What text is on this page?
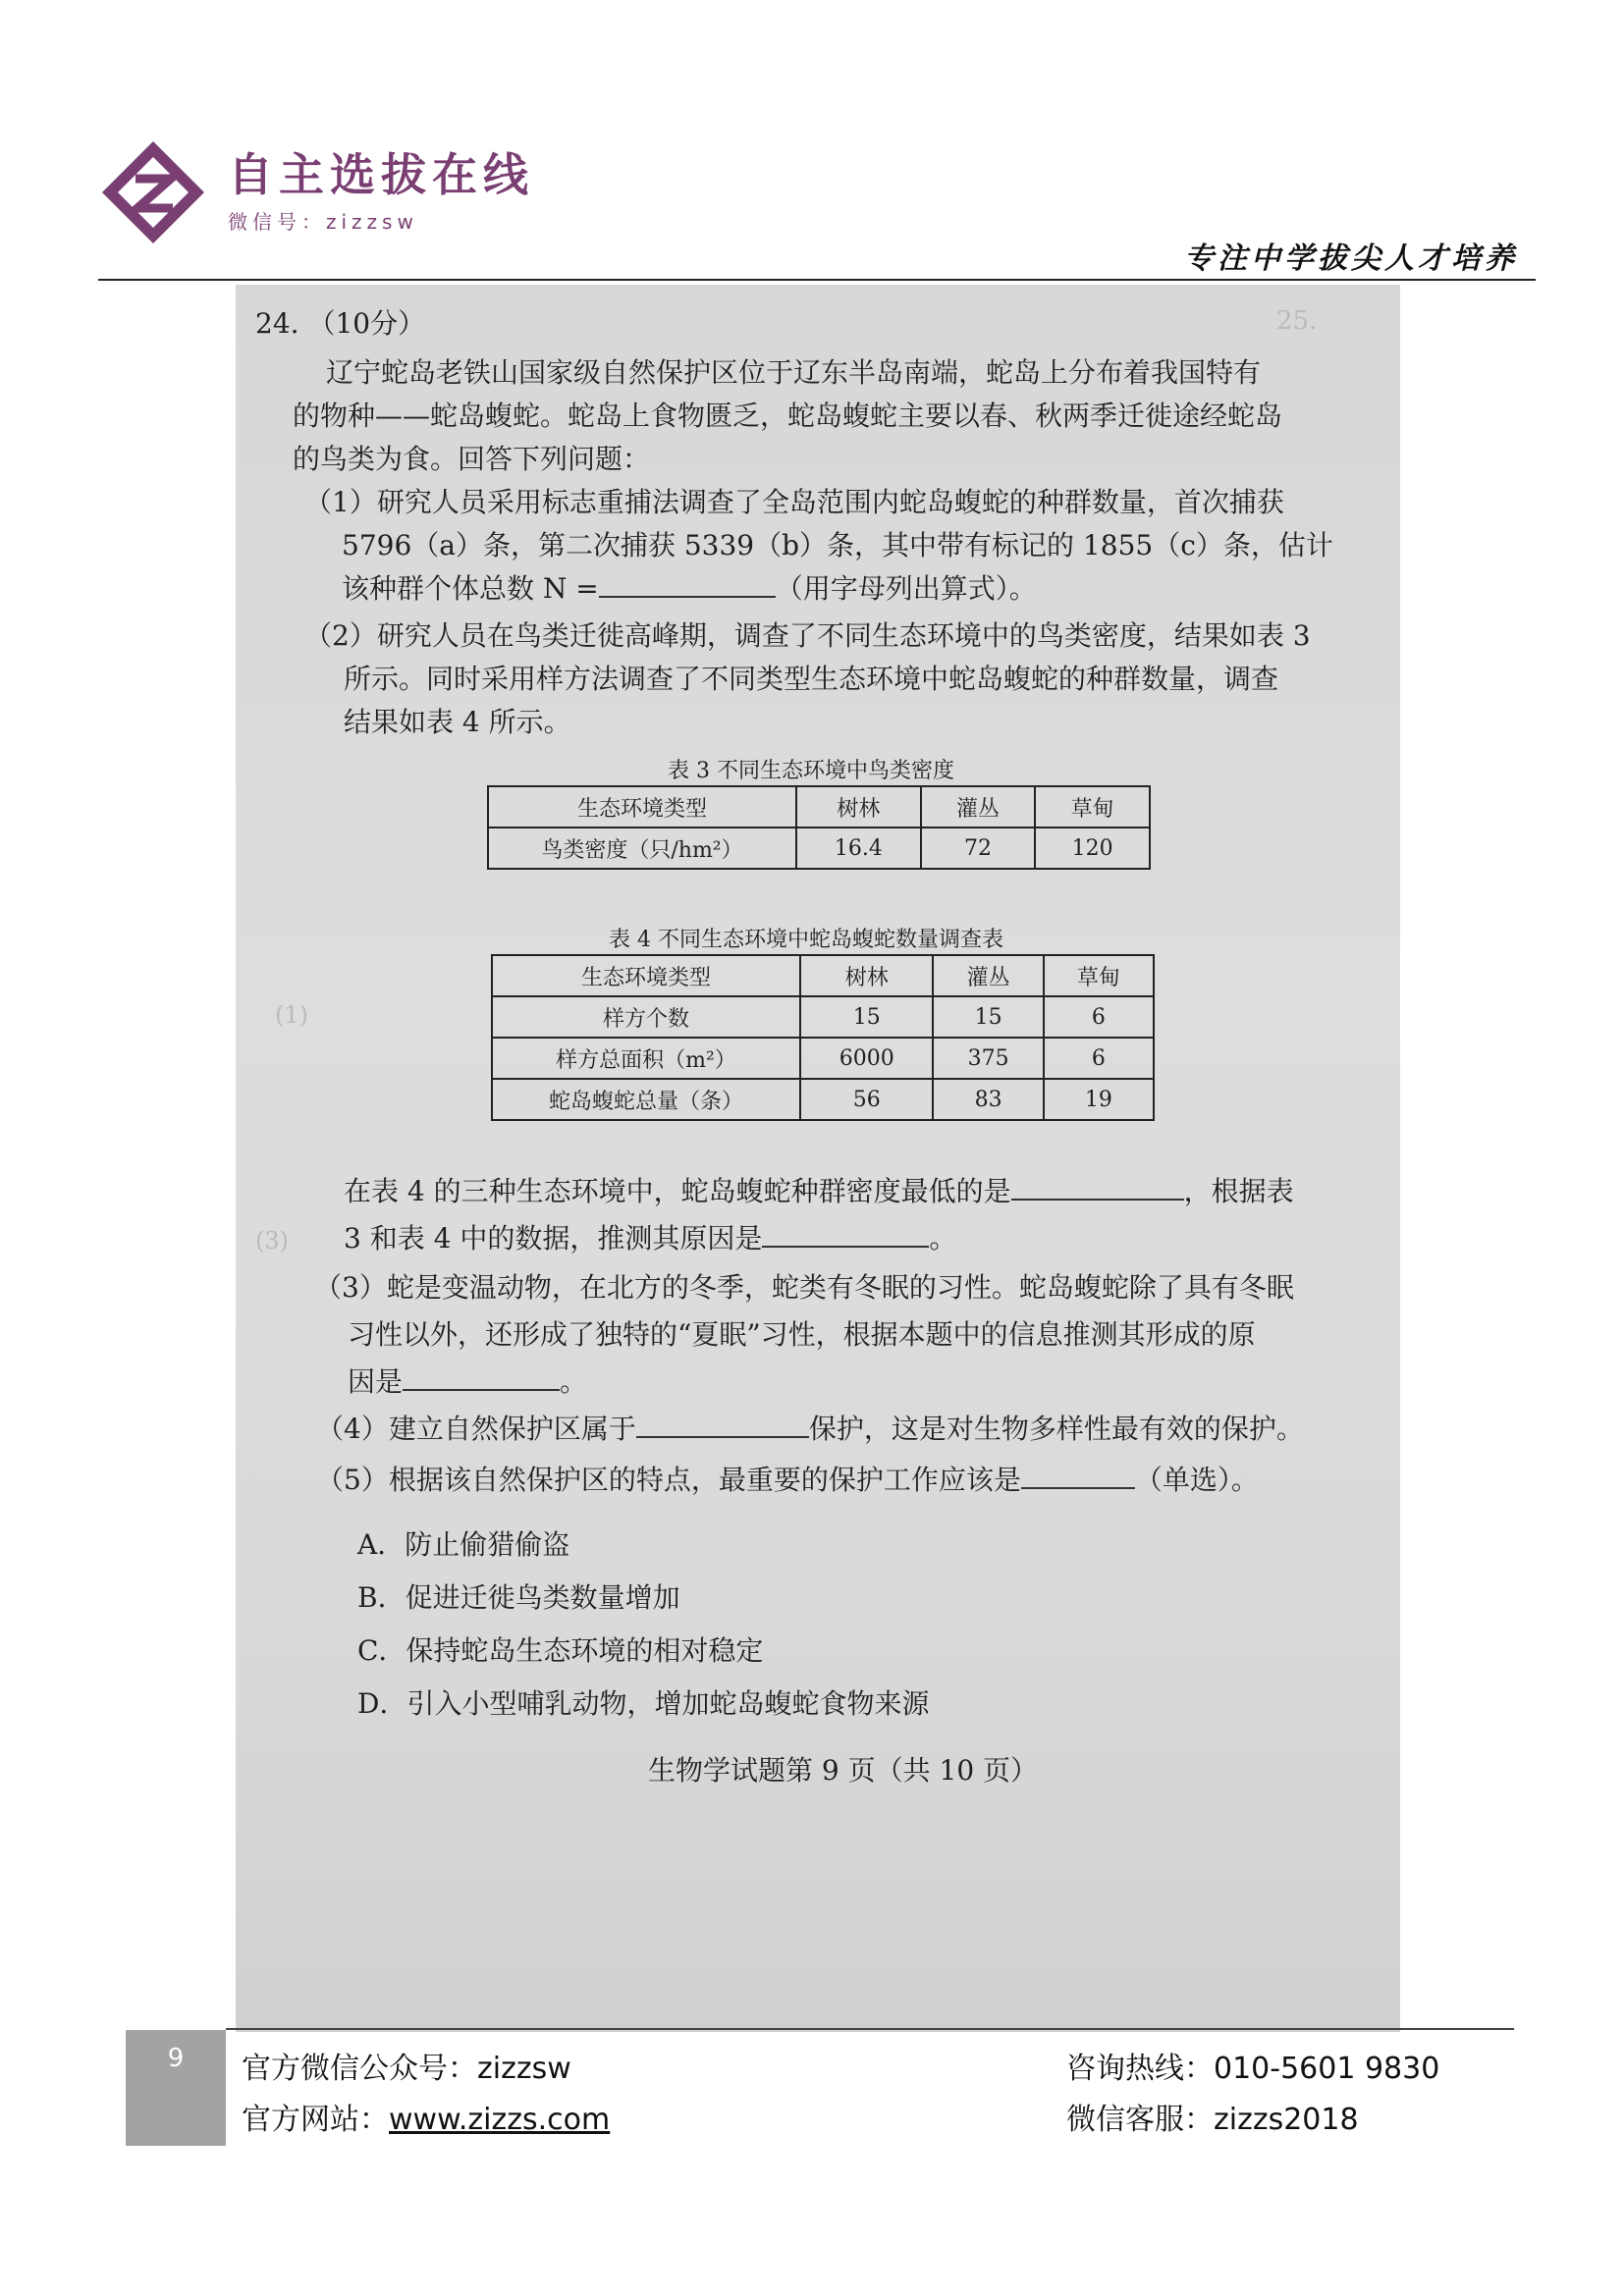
自主选拔在线
微信号：zizzsw
专注中学拔尖人才培养
25.
(1)
(3)
24. （10分）
辽宁蛇岛老铁山国家级自然保护区位于辽东半岛南端，蛇岛上分布着我国特有
的物种——蛇岛蝮蛇。蛇岛上食物匮乏，蛇岛蝮蛇主要以春、秋两季迁徙途经蛇岛
的鸟类为食。回答下列问题：
（1）研究人员采用标志重捕法调查了全岛范围内蛇岛蝮蛇的种群数量，首次捕获
5796（a）条，第二次捕获 5339（b）条，其中带有标记的 1855（c）条，估计
该种群个体总数 N =	（用字母列出算式）。
（2）研究人员在鸟类迁徙高峰期，调查了不同生态环境中的鸟类密度，结果如表 3
所示。同时采用样方法调查了不同类型生态环境中蛇岛蝮蛇的种群数量，调查
结果如表 4 所示。
表 3 不同生态环境中鸟类密度
生态环境类型	树林	灌丛	草甸
鸟类密度（只/hm²）	16.4	72	120
表 4 不同生态环境中蛇岛蝮蛇数量调查表
生态环境类型	树林	灌丛	草甸
样方个数	15	15	6
样方总面积（m²）	6000	375	6
蛇岛蝮蛇总量（条）	56	83	19
在表 4 的三种生态环境中，蛇岛蝮蛇种群密度最低的是	，根据表
3 和表 4 中的数据，推测其原因是	。
（3）蛇是变温动物，在北方的冬季，蛇类有冬眠的习性。蛇岛蝮蛇除了具有冬眠
习性以外，还形成了独特的“夏眠”习性，根据本题中的信息推测其形成的原
因是	。
（4）建立自然保护区属于	保护，这是对生物多样性最有效的保护。
（5）根据该自然保护区的特点，最重要的保护工作应该是	（单选）。
A．防止偷猎偷盗
B．促进迁徙鸟类数量增加
C．保持蛇岛生态环境的相对稳定
D．引入小型哺乳动物，增加蛇岛蝮蛇食物来源
生物学试题第 9 页（共 10 页）
9	官方微信公众号：zizzsw
官方网站：www.zizzs.com
咨询热线：010-5601 9830
微信客服：zizzs2018
